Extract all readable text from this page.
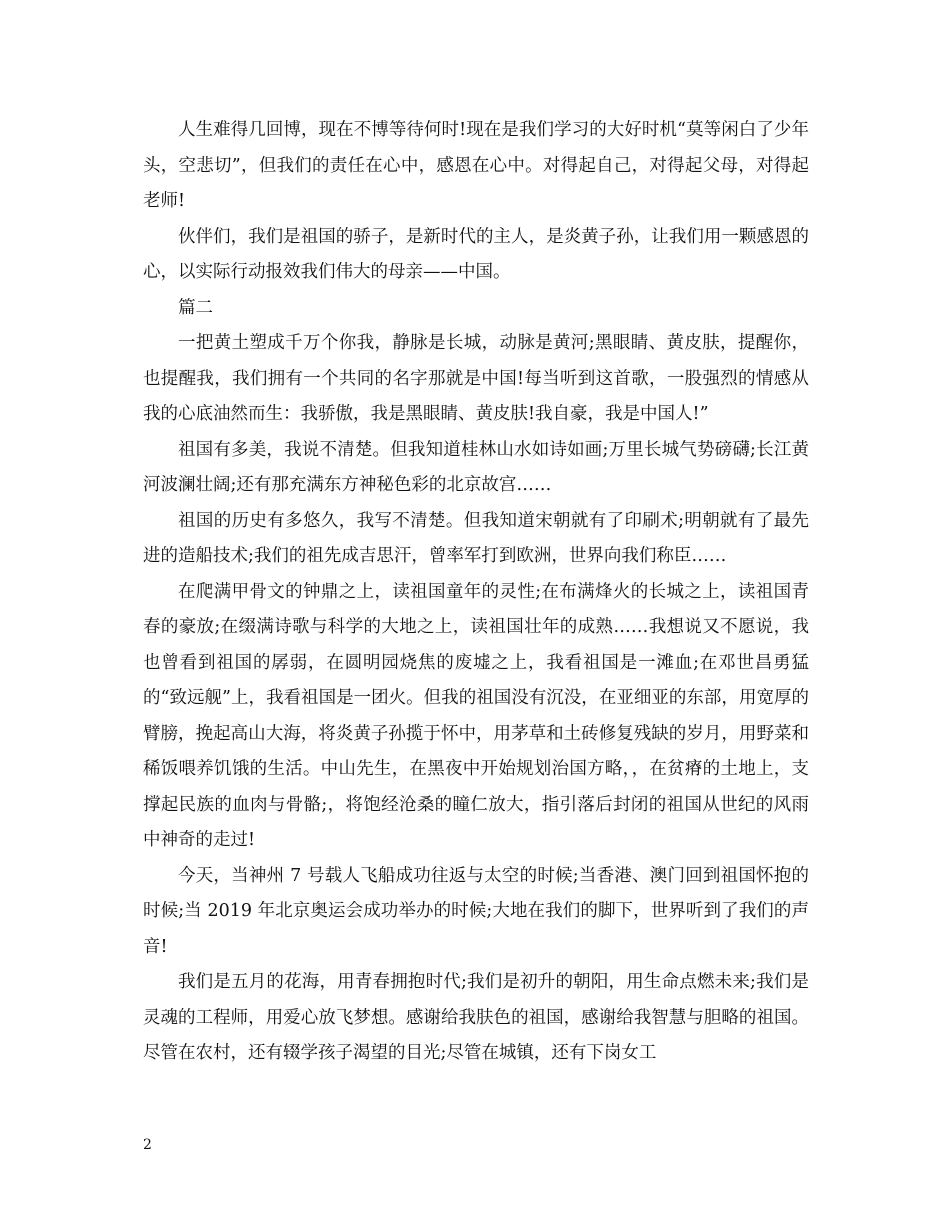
人生难得几回博，现在不博等待何时!现在是我们学习的大好时机“莫等闲白了少年头，空悲切”，但我们的责任在心中，感恩在心中。对得起自己，对得起父母，对得起老师!

伙伴们，我们是祖国的骄子，是新时代的主人，是炎黄子孙，让我们用一颗感恩的心，以实际行动报效我们伟大的母亲——中国。

篇二

一把黄土塑成千万个你我，静脉是长城，动脉是黄河;黑眼睛、黄皮肤，提醒你，也提醒我，我们拥有一个共同的名字那就是中国!每当听到这首歌，一股强烈的情感从我的心底油然而生：我骄傲，我是黑眼睛、黄皮肤!我自豪，我是中国人!”

祖国有多美，我说不清楚。但我知道桂林山水如诗如画;万里长城气势磅礴;长江黄河波澜壮阔;还有那充满东方神秘色彩的北京故宫……

祖国的历史有多悠久，我写不清楚。但我知道宋朝就有了印刷术;明朝就有了最先进的造船技术;我们的祖先成吉思汗，曾率军打到欧洲，世界向我们称臣……

在爬满甲骨文的钟鼎之上，读祖国童年的灵性;在布满烽火的长城之上，读祖国青春的豪放;在缀满诗歌与科学的大地之上，读祖国壮年的成熟……我想说又不愿说，我也曾看到祖国的孱弱，在圆明园烧焦的废墟之上，我看祖国是一滩血;在邓世昌勇猛的“致远舰”上，我看祖国是一团火。但我的祖国没有沉没，在亚细亚的东部，用宽厚的臂膀，挽起高山大海，将炎黄子孙揽于怀中，用茅草和土砖修复残缺的岁月，用野菜和稀饭喂养饥饿的生活。中山先生，在黑夜中开始规划治国方略，，在贫瘠的土地上，支撑起民族的血肉与骨骼;，将饱经沧桑的瞳仁放大，指引落后封闭的祖国从世纪的风雨中神奇的走过!

今天，当神州 7 号载人飞船成功往返与太空的时候;当香港、澳门回到祖国怀抱的时候;当 2019 年北京奥运会成功举办的时候;大地在我们的脚下，世界听到了我们的声音!

我们是五月的花海，用青春拥抱时代;我们是初升的朝阳，用生命点燃未来;我们是灵魂的工程师，用爱心放飞梦想。感谢给我肤色的祖国，感谢给我智慧与胆略的祖国。尽管在农村，还有辍学孩子渴望的目光;尽管在城镇，还有下岗女工

2
